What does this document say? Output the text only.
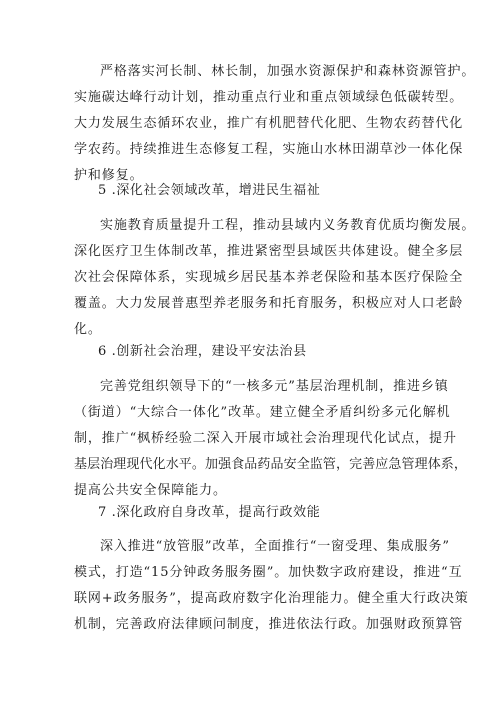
严格落实河长制、林长制，加强水资源保护和森林资源管护。
实施碳达峰行动计划，推动重点行业和重点领域绿色低碳转型。
大力发展生态循环农业，推广有机肥替代化肥、生物农药替代化
学农药。持续推进生态修复工程，实施山水林田湖草沙一体化保
护和修复。
5 .深化社会领域改革，增进民生福祉
实施教育质量提升工程，推动县域内义务教育优质均衡发展。
深化医疗卫生体制改革，推进紧密型县域医共体建设。健全多层
次社会保障体系，实现城乡居民基本养老保险和基本医疗保险全
覆盖。大力发展普惠型养老服务和托育服务，积极应对人口老龄
化。
6 .创新社会治理，建设平安法治县
完善党组织领导下的“一核多元”基层治理机制，推进乡镇
（街道）“大综合一体化”改革。建立健全矛盾纠纷多元化解机
制，推广“枫桥经验二深入开展市域社会治理现代化试点，提升
基层治理现代化水平。加强食品药品安全监管，完善应急管理体系，
提高公共安全保障能力。
7 .深化政府自身改革，提高行政效能
深入推进“放管服”改革，全面推行“一窗受理、集成服务”
模式，打造“15分钟政务服务圈”。加快数字政府建设，推进“互
联网+政务服务”，提高政府数字化治理能力。健全重大行政决策
机制，完善政府法律顾问制度，推进依法行政。加强财政预算管
